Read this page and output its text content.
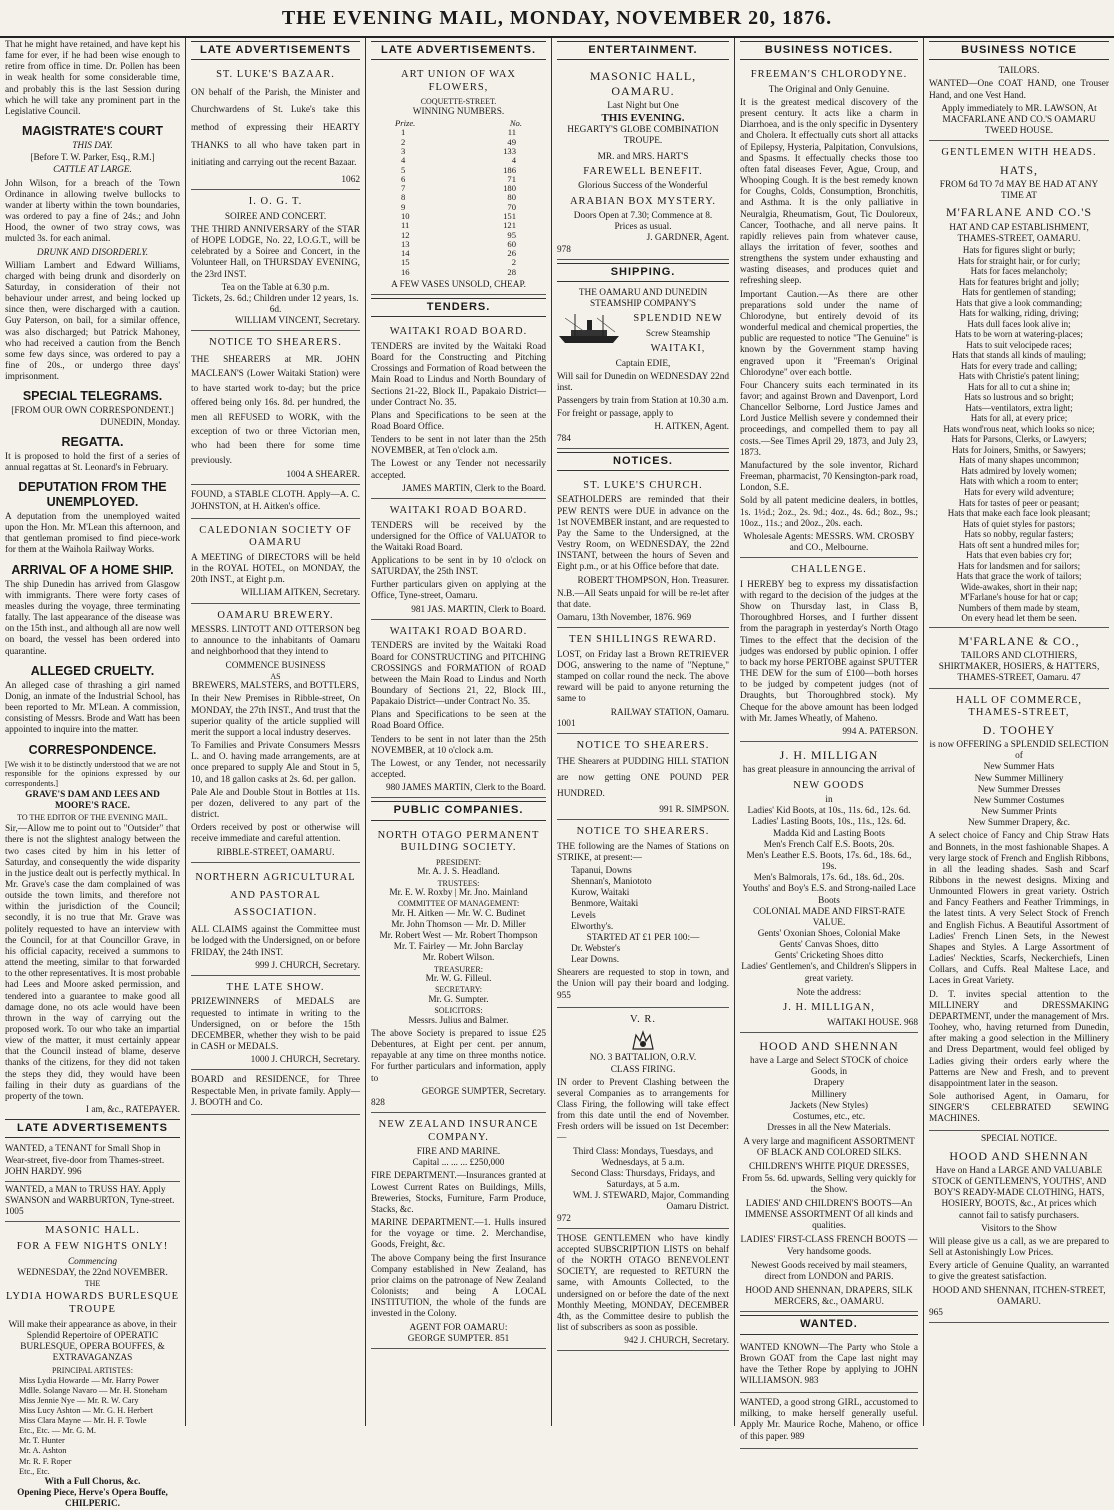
THE EVENING MAIL, MONDAY, NOVEMBER 20, 1876.

That he might have retained, and have kept his fame for ever, if he had been wise enough to retire from office in time. Dr. Pollen has been in weak health for some considerable time, and probably this is the last Session during which he will take any prominent part in the Legislative Council.

MAGISTRATE'S COURT
THIS DAY.
[Before T. W. Parker, Esq., R.M.]
CATTLE AT LARGE.

John Wilson, for a breach of the Town Ordinance in allowing twelve bullocks to wander at liberty within the town boundaries, was ordered to pay a fine of 24s.; and John Hood, the owner of two stray cows, was mulcted 3s. for each animal.

DRUNK AND DISORDERLY.

William Lambert and Edward Williams, charged with being drunk and disorderly on Saturday, in consideration of their not behaviour under arrest, and being locked up since then, were discharged with a caution. Guy Paterson, on bail, for a similar offence, was also discharged; but Patrick Mahoney, who had received a caution from the Bench some few days since, was ordered to pay a fine of 20s., or undergo three days' imprisonment.

SPECIAL TELEGRAMS.
[FROM OUR OWN CORRESPONDENT.]
DUNEDIN, Monday.
REGATTA.

It is proposed to hold the first of a series of annual regattas at St. Leonard's in February.

DEPUTATION FROM THE UNEMPLOYED.

A deputation from the unemployed waited upon the Hon. Mr. M'Lean this afternoon, and that gentleman promised to find piece-work for them at the Waihola Railway Works.

ARRIVAL OF A HOME SHIP.

The ship Dunedin has arrived from Glasgow with immigrants. There were forty cases of measles during the voyage, three terminating fatally. The last appearance of the disease was on the 15th inst., and although all are now well on board, the vessel has been ordered into quarantine.

ALLEGED CRUELTY.

An alleged case of thrashing a girl named Donig, an inmate of the Industrial School, has been reported to Mr. M'Lean. A commission, consisting of Messrs. Brode and Watt has been appointed to inquire into the matter.

CORRESPONDENCE.

[We wish it to be distinctly understood that we are not responsible for the opinions expressed by our correspondents.]

GRAVE'S DAM AND LEES AND MOORE'S RACE.
TO THE EDITOR OF THE EVENING MAIL.

Sir,—Allow me to point out to "Outsider" that there is not the slightest analogy between the two cases cited by him in his letter of Saturday, and consequently the wide disparity in the justice dealt out is perfectly mythical. In Mr. Grave's case the dam complained of was outside the town limits, and therefore not within the jurisdiction of the Council; secondly, it is no true that Mr. Grave was politely requested to have an interview with the Council, for at that Councillor Grave, in his official capacity, received a summons to attend the meeting, similar to that forwarded to the other representatives. It is most probable had Lees and Moore asked permission, and tendered into a guarantee to make good all damage done, no ots acle would have been thrown in the way of carrying out the proposed work. To our who take an impartial view of the matter, it must certainly appear that the Council instead of blame, deserve thanks of the citizens, for they did not taken the steps they did, they would have been failing in their duty as guardians of the property of the town.

I am, &c., RATEPAYER.
LATE ADVERTISEMENTS
WANTED, a TENANT for Small Shop in Wear-street, five-door from Thames-street. JOHN HARDY. 996
WANTED, a MAN to TRUSS HAY. Apply SWANSON and WARBURTON, Tyne-street. 1005
MASONIC HALL.
FOR A FEW NIGHTS ONLY!
Commencing
WEDNESDAY, the 22nd NOVEMBER.
THE
LYDIA HOWARDS BURLESQUE TROUPE

Will make their appearance as above, in their Splendid Repertoire of OPERATIC BURLESQUE, OPERA BOUFFES, & EXTRAVAGANZAS

PRINCIPAL ARTISTES:
Miss Lydia Howarde — Mr. Harry Power
Mdlle. Solange Navaro — Mr. H. Stoneham
Miss Jennie Nye — Mr. R. W. Cary
Miss Lucy Ashton — Mr. G. H. Herbert
Miss Clara Mayne — Mr. H. F. Towle
Etc., Etc. — Mr. G. M.
Mr. T. Hunter
Mr. A. Ashton
Mr. R. F. Roper
Etc., Etc.
With a Full Chorus, &c.
Opening Piece, Herve's Opera Bouffe, CHILPERIC.
LATE ADVERTISEMENTS
ST. LUKE'S BAZAAR.

ON behalf of the Parish, the Minister and Churchwardens of St. Luke's take this method of expressing their HEARTY THANKS to all who have taken part in initiating and carrying out the recent Bazaar.

1062
I. O. G. T.
SOIREE AND CONCERT.

THE THIRD ANNIVERSARY of the STAR of HOPE LODGE, No. 22, I.O.G.T., will be celebrated by a Soiree and Concert, in the Volunteer Hall, on THURSDAY EVENING, the 23rd INST.

Tea on the Table at 6.30 p.m.
Tickets, 2s. 6d.; Children under 12 years, 1s. 6d.
WILLIAM VINCENT, Secretary.
NOTICE TO SHEARERS.

THE SHEARERS at MR. JOHN MACLEAN'S (Lower Waitaki Station) were to have started work to-day; but the price offered being only 16s. 8d. per hundred, the men all REFUSED to WORK, with the exception of two or three Victorian men, who had been there for some time previously.

1004 A SHEARER.

FOUND, a STABLE CLOTH. Apply—A. C. JOHNSTON, at H. Aitken's office.

CALEDONIAN SOCIETY OF OAMARU

A MEETING of DIRECTORS will be held in the ROYAL HOTEL, on MONDAY, the 20th INST., at Eight p.m.

WILLIAM AITKEN, Secretary.
OAMARU BREWERY.

MESSRS. LINTOTT AND OTTERSON beg to announce to the inhabitants of Oamaru and neighborhood that they intend to

COMMENCE BUSINESS
AS
BREWERS, MALSTERS, and BOTTLERS,

In their New Premises in Ribble-street, On MONDAY, the 27th INST., And trust that the superior quality of the article supplied will merit the support a local industry deserves.

To Families and Private Consumers Messrs L. and O. having made arrangements, are at once prepared to supply Ale and Stout in 5, 10, and 18 gallon casks at 2s. 6d. per gallon.

Pale Ale and Double Stout in Bottles at 11s. per dozen, delivered to any part of the district.

Orders received by post or otherwise will receive immediate and careful attention.

RIBBLE-STREET, OAMARU.
NORTHERN AGRICULTURAL AND PASTORAL ASSOCIATION.

ALL CLAIMS against the Committee must be lodged with the Undersigned, on or before FRIDAY, the 24th INST.

999 J. CHURCH, Secretary.
THE LATE SHOW.

PRIZEWINNERS of MEDALS are requested to intimate in writing to the Undersigned, on or before the 15th DECEMBER, whether they wish to be paid in CASH or MEDALS.

1000 J. CHURCH, Secretary.

BOARD and RESIDENCE, for Three Respectable Men, in private family. Apply—J. BOOTH and Co.

LATE ADVERTISEMENTS.
ART UNION OF WAX FLOWERS,
COQUETTE-STREET.
WINNING NUMBERS.
Prize.	No.
1	11
2	49
3	133
4	4
5	186
6	71
7	180
8	80
9	70
10	151
11	121
12	95
13	60
14	26
15	2
16	28
A FEW VASES UNSOLD, CHEAP.
TENDERS.
WAITAKI ROAD BOARD.

TENDERS are invited by the Waitaki Road Board for the Constructing and Pitching Crossings and Formation of Road between the Main Road to Lindus and North Boundary of Sections 21-22, Block II., Papakaio District—under Contract No. 35.

Plans and Specifications to be seen at the Road Board Office.

Tenders to be sent in not later than the 25th NOVEMBER, at Ten o'clock a.m.

The Lowest or any Tender not necessarily accepted.

JAMES MARTIN, Clerk to the Board.
WAITAKI ROAD BOARD.

TENDERS will be received by the undersigned for the Office of VALUATOR to the Waitaki Road Board.

Applications to be sent in by 10 o'clock on SATURDAY, the 25th INST.

Further particulars given on applying at the Office, Tyne-street, Oamaru.

981 JAS. MARTIN, Clerk to Board.
WAITAKI ROAD BOARD.

TENDERS are invited by the Waitaki Road Board for CONSTRUCTING and PITCHING CROSSINGS and FORMATION of ROAD between the Main Road to Lindus and North Boundary of Sections 21, 22, Block III., Papakaio District—under Contract No. 35.

Plans and Specifications to be seen at the Road Board Office.

Tenders to be sent in not later than the 25th NOVEMBER, at 10 o'clock a.m.

The Lowest, or any Tender, not necessarily accepted.

980 JAMES MARTIN, Clerk to the Board.
PUBLIC COMPANIES.
NORTH OTAGO PERMANENT BUILDING SOCIETY.
PRESIDENT:
Mr. A. J. S. Headland.
TRUSTEES:
Mr. E. W. Roxby | Mr. Jno. Mainland
COMMITTEE OF MANAGEMENT:
Mr. H. Aitken — Mr. W. C. Budinet
Mr. John Thomson — Mr. D. Miller
Mr. Robert West — Mr. Robert Thompson
Mr. T. Fairley — Mr. John Barclay
Mr. Robert Wilson.
TREASURER:
Mr. W. G. Filleul.
SECRETARY:
Mr. G. Sumpter.
SOLICITORS:
Messrs. Julius and Balmer.

The above Society is prepared to issue £25 Debentures, at Eight per cent. per annum, repayable at any time on three months notice. For further particulars and information, apply to

GEORGE SUMPTER, Secretary.
828
NEW ZEALAND INSURANCE COMPANY.
FIRE AND MARINE.
Capital ... ... ... £250,000

FIRE DEPARTMENT.—Insurances granted at Lowest Current Rates on Buildings, Mills, Breweries, Stocks, Furniture, Farm Produce, Stacks, &c.

MARINE DEPARTMENT.—1. Hulls insured for the voyage or time. 2. Merchandise, Goods, Freight, &c.

The above Company being the first Insurance Company established in New Zealand, has prior claims on the patronage of New Zealand Colonists; and being A LOCAL INSTITUTION, the whole of the funds are invested in the Colony.

AGENT FOR OAMARU:
GEORGE SUMPTER. 851
ENTERTAINMENT.
MASONIC HALL, OAMARU.
Last Night but One
THIS EVENING.
HEGARTY'S GLOBE COMBINATION TROUPE.
MR. and MRS. HART'S
FAREWELL BENEFIT.
Glorious Success of the Wonderful
ARABIAN BOX MYSTERY.
Doors Open at 7.30; Commence at 8.
Prices as usual.
J. GARDNER, Agent.
978
SHIPPING.
THE OAMARU AND DUNEDIN STEAMSHIP COMPANY'S
SPLENDID NEW
Screw Steamship
WAITAKI,
Captain EDIE,

Will sail for Dunedin on WEDNESDAY 22nd inst.

Passengers by train from Station at 10.30 a.m.

For freight or passage, apply to

H. AITKEN, Agent.
784
NOTICES.
ST. LUKE'S CHURCH.

SEATHOLDERS are reminded that their PEW RENTS were DUE in advance on the 1st NOVEMBER instant, and are requested to Pay the Same to the Undersigned, at the Vestry Room, on WEDNESDAY, the 22nd INSTANT, between the hours of Seven and Eight p.m., or at his Office before that date.

ROBERT THOMPSON, Hon. Treasurer.

N.B.—All Seats unpaid for will be re-let after that date.

Oamaru, 13th November, 1876. 969
TEN SHILLINGS REWARD.

LOST, on Friday last a Brown RETRIEVER DOG, answering to the name of "Neptune," stamped on collar round the neck. The above reward will be paid to anyone returning the same to

RAILWAY STATION, Oamaru.
1001
NOTICE TO SHEARERS.

THE Shearers at PUDDING HILL STATION are now getting ONE POUND PER HUNDRED.

991 R. SIMPSON.
NOTICE TO SHEARERS.

THE following are the Names of Stations on STRIKE, at present:—

Tapanui, Downs
Shennan's, Maniototo
Kurow, Waitaki
Benmore, Waitaki
Levels
Elworthy's.
STARTED AT £1 PER 100:—
Dr. Webster's
Lear Downs.

Shearers are requested to stop in town, and the Union will pay their board and lodging. 955

V. R.
NO. 3 BATTALION, O.R.V.
CLASS FIRING.

IN order to Prevent Clashing between the several Companies as to arrangements for Class Firing, the following will take effect from this date until the end of November. Fresh orders will be issued on 1st December:—

Third Class: Mondays, Tuesdays, and Wednesdays, at 5 a.m.
Second Class: Thursdays, Fridays, and Saturdays, at 5 a.m.
WM. J. STEWARD, Major, Commanding Oamaru District.
972

THOSE GENTLEMEN who have kindly accepted SUBSCRIPTION LISTS on behalf of the NORTH OTAGO BENEVOLENT SOCIETY, are requested to RETURN the same, with Amounts Collected, to the undersigned on or before the date of the next Monthly Meeting, MONDAY, DECEMBER 4th, as the Committee desire to publish the list of subscribers as soon as possible.

942 J. CHURCH, Secretary.
BUSINESS NOTICES.
FREEMAN'S CHLORODYNE.
The Original and Only Genuine.

It is the greatest medical discovery of the present century. It acts like a charm in Diarrhoea, and is the only specific in Dysentery and Cholera. It effectually cuts short all attacks of Epilepsy, Hysteria, Palpitation, Convulsions, and Spasms. It effectually checks those too often fatal diseases Fever, Ague, Croup, and Whooping Cough. It is the best remedy known for Coughs, Colds, Consumption, Bronchitis, and Asthma. It is the only palliative in Neuralgia, Rheumatism, Gout, Tic Douloreux, Cancer, Toothache, and all nerve pains. It rapidly relieves pain from whatever cause, allays the irritation of fever, soothes and strengthens the system under exhausting and wasting diseases, and produces quiet and refreshing sleep.

Important Caution.—As there are other preparations sold under the name of Chlorodyne, but entirely devoid of its wonderful medical and chemical properties, the public are requested to notice "The Genuine" is known by the Government stamp having engraved upon it "Freeman's Original Chlorodyne" over each bottle.

Four Chancery suits each terminated in its favor; and against Brown and Davenport, Lord Chancellor Selborne, Lord Justice James and Lord Justice Mellish severe y condemned their proceedings, and compelled them to pay all costs.—See Times April 29, 1873, and July 23, 1873.

Manufactured by the sole inventor, Richard Freeman, pharmacist, 70 Kensington-park road, London, S.E.

Sold by all patent medicine dealers, in bottles, 1s. 1½d.; 2oz., 2s. 9d.; 4oz., 4s. 6d.; 8oz., 9s.; 10oz., 11s.; and 20oz., 20s. each.

Wholesale Agents: MESSRS. WM. CROSBY and CO., Melbourne.
CHALLENGE.

I HEREBY beg to express my dissatisfaction with regard to the decision of the judges at the Show on Thursday last, in Class B, Thoroughbred Horses, and I further dissent from the paragraph in yesterday's North Otago Times to the effect that the decision of the judges was endorsed by public opinion. I offer to back my horse PERTOBE against SPUTTER THE DEW for the sum of £100—both horses to be judged by competent judges (not of Draughts, but Thoroughbred stock). My Cheque for the above amount has been lodged with Mr. James Wheatly, of Maheno.

994 A. PATERSON.
J. H. MILLIGAN
has great pleasure in announcing the arrival of
NEW GOODS
in
Ladies' Kid Boots, at 10s., 11s. 6d., 12s. 6d.
Ladies' Lasting Boots, 10s., 11s., 12s. 6d.
Madda Kid and Lasting Boots
Men's French Calf E.S. Boots, 20s.
Men's Leather E.S. Boots, 17s. 6d., 18s. 6d., 19s.
Men's Balmorals, 17s. 6d., 18s. 6d., 20s.
Youths' and Boy's E.S. and Strong-nailed Lace Boots
COLONIAL MADE AND FIRST-RATE VALUE.
Gents' Oxonian Shoes, Colonial Make
Gents' Canvas Shoes, ditto
Gents' Cricketing Shoes ditto
Ladies' Gentlemen's, and Children's Slippers in great variety.
Note the address:
J. H. MILLIGAN,
WAITAKI HOUSE. 968
HOOD AND SHENNAN
have a Large and Select STOCK of choice Goods, in
Drapery
Millinery
Jackets (New Styles)
Costumes, etc., etc.
Dresses in all the New Materials.
A very large and magnificent ASSORTMENT OF BLACK AND COLORED SILKS.
CHILDREN'S WHITE PIQUE DRESSES, From 5s. 6d. upwards, Selling very quickly for the Show.
LADIES' AND CHILDREN'S BOOTS—An IMMENSE ASSORTMENT Of all kinds and qualities.
LADIES' FIRST-CLASS FRENCH BOOTS —Very handsome goods.
Newest Goods received by mail steamers, direct from LONDON and PARIS.
HOOD AND SHENNAN, DRAPERS, SILK MERCERS, &c., OAMARU.
WANTED.

WANTED KNOWN—The Party who Stole a Brown GOAT from the Cape last night may have the Tether Rope by applying to JOHN WILLIAMSON. 983

WANTED, a good strong GIRL, accustomed to milking, to make herself generally useful. Apply Mr. Maurice Roche, Maheno, or office of this paper. 989

BUSINESS NOTICE
TAILORS.

WANTED—One COAT HAND, one Trouser Hand, and one Vest Hand.

Apply immediately to MR. LAWSON, At MACFARLANE AND CO.'S OAMARU TWEED HOUSE.
GENTLEMEN WITH HEADS.
HATS,
FROM 6d TO 7d MAY BE HAD AT ANY TIME AT
M'FARLANE AND CO.'S
HAT AND CAP ESTABLISHMENT, THAMES-STREET, OAMARU.
Hats for figures slight or burly;
Hats for straight hair, or for curly;
Hats for faces melancholy;
Hats for features bright and jolly;
Hats for gentlemen of standing;
Hats that give a look commanding;
Hats for walking, riding, driving;
Hats dull faces look alive in;
Hats to be worn at watering-places;
Hats to suit velocipede races;
Hats that stands all kinds of mauling;
Hats for every trade and calling;
Hats with Christie's patent lining;
Hats for all to cut a shine in;
Hats so lustrous and so bright;
Hats—ventilators, extra light;
Hats for all, at every price;
Hats wond'rous neat, which looks so nice;
Hats for Parsons, Clerks, or Lawyers;
Hats for Joiners, Smiths, or Sawyers;
Hats of many shapes uncommon;
Hats admired by lovely women;
Hats with which a room to enter;
Hats for every wild adventure;
Hats for tastes of peer or peasant;
Hats that make each face look pleasant;
Hats of quiet styles for pastors;
Hats so nobby, regular fasters;
Hats oft sent a hundred miles for;
Hats that even babies cry for;
Hats for landsmen and for sailors;
Hats that grace the work of tailors;
Wide-awakes, short in their nap;
M'Farlane's house for hat or cap;
Numbers of them made by steam,
On every head let them be seen.
M'FARLANE & CO.,
TAILORS AND CLOTHIERS, SHIRTMAKER, HOSIERS, & HATTERS,
THAMES-STREET, Oamaru. 47
HALL OF COMMERCE, THAMES-STREET,
D. TOOHEY
is now OFFERING a SPLENDID SELECTION of
New Summer Hats
New Summer Millinery
New Summer Dresses
New Summer Costumes
New Summer Prints
New Summer Drapery, &c.

A select choice of Fancy and Chip Straw Hats and Bonnets, in the most fashionable Shapes. A very large stock of French and English Ribbons, in all the leading shades. Sash and Scarf Ribbons in the newest designs. Mixing and Unmounted Flowers in great variety. Ostrich and Fancy Feathers and Feather Trimmings, in the latest tints. A very Select Stock of French and English Fichus. A Beautiful Assortment of Ladies' French Linen Sets, in the Newest Shapes and Styles. A Large Assortment of Ladies' Neckties, Scarfs, Neckerchiefs, Linen Collars, and Cuffs. Real Maltese Lace, and Laces in Great Variety.

D. T. invites special attention to the MILLINERY and DRESSMAKING DEPARTMENT, under the management of Mrs. Toohey, who, having returned from Dunedin, after making a good selection in the Millinery and Dress Department, would feel obliged by Ladies giving their orders early where the Patterns are New and Fresh, and to prevent disappointment later in the season.

Sole authorised Agent, in Oamaru, for SINGER'S CELEBRATED SEWING MACHINES.

SPECIAL NOTICE.
HOOD AND SHENNAN

Have on Hand a LARGE AND VALUABLE STOCK of GENTLEMEN'S, YOUTHS', AND BOY'S READY-MADE CLOTHING, HATS, HOSIERY, BOOTS, &c., At prices which cannot fail to satisfy purchasers.

Visitors to the Show

Will please give us a call, as we are prepared to Sell at Astonishingly Low Prices.

Every article of Genuine Quality, an warranted to give the greatest satisfaction.

HOOD AND SHENNAN, ITCHEN-STREET, OAMARU.
965
